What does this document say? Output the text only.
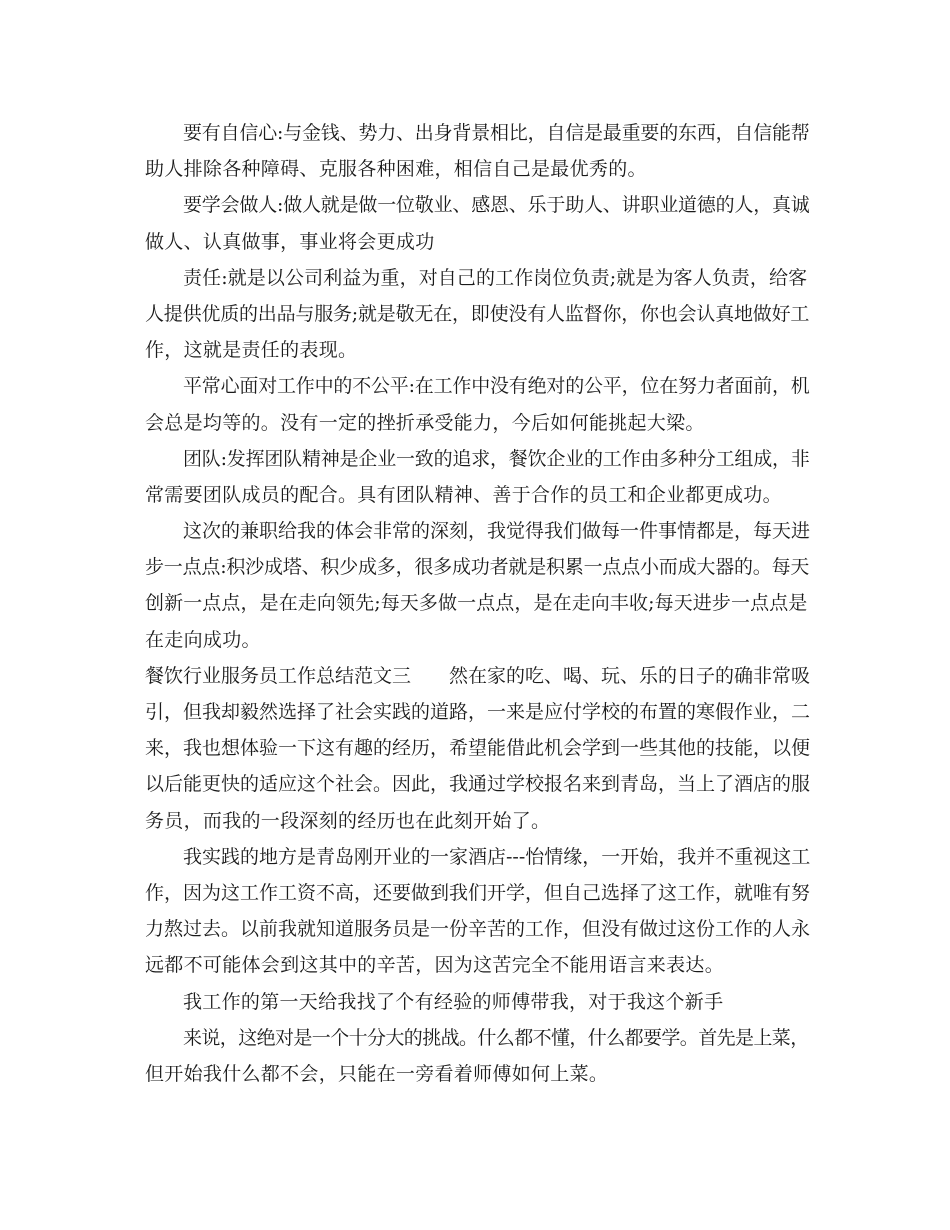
要有自信心:与金钱、势力、出身背景相比，自信是最重要的东西，自信能帮
助人排除各种障碍、克服各种困难，相信自己是最优秀的。
要学会做人:做人就是做一位敬业、感恩、乐于助人、讲职业道德的人，真诚
做人、认真做事，事业将会更成功
责任:就是以公司利益为重，对自己的工作岗位负责;就是为客人负责，给客
人提供优质的出品与服务;就是敬无在，即使没有人监督你，你也会认真地做好工
作，这就是责任的表现。
平常心面对工作中的不公平:在工作中没有绝对的公平，位在努力者面前，机
会总是均等的。没有一定的挫折承受能力，今后如何能挑起大梁。
团队:发挥团队精神是企业一致的追求，餐饮企业的工作由多种分工组成，非
常需要团队成员的配合。具有团队精神、善于合作的员工和企业都更成功。
这次的兼职给我的体会非常的深刻，我觉得我们做每一件事情都是，每天进
步一点点:积沙成塔、积少成多，很多成功者就是积累一点点小而成大器的。每天
创新一点点，是在走向领先;每天多做一点点，是在走向丰收;每天进步一点点是
在走向成功。
餐饮行业服务员工作总结范文三　　然在家的吃、喝、玩、乐的日子的确非常吸
引，但我却毅然选择了社会实践的道路，一来是应付学校的布置的寒假作业，二
来，我也想体验一下这有趣的经历，希望能借此机会学到一些其他的技能，以便
以后能更快的适应这个社会。因此，我通过学校报名来到青岛，当上了酒店的服
务员，而我的一段深刻的经历也在此刻开始了。
我实践的地方是青岛刚开业的一家酒店---怡情缘，一开始，我并不重视这工
作，因为这工作工资不高，还要做到我们开学，但自己选择了这工作，就唯有努
力熬过去。以前我就知道服务员是一份辛苦的工作，但没有做过这份工作的人永
远都不可能体会到这其中的辛苦，因为这苦完全不能用语言来表达。
我工作的第一天给我找了个有经验的师傅带我，对于我这个新手
来说，这绝对是一个十分大的挑战。什么都不懂，什么都要学。首先是上菜，
但开始我什么都不会，只能在一旁看着师傅如何上菜。
